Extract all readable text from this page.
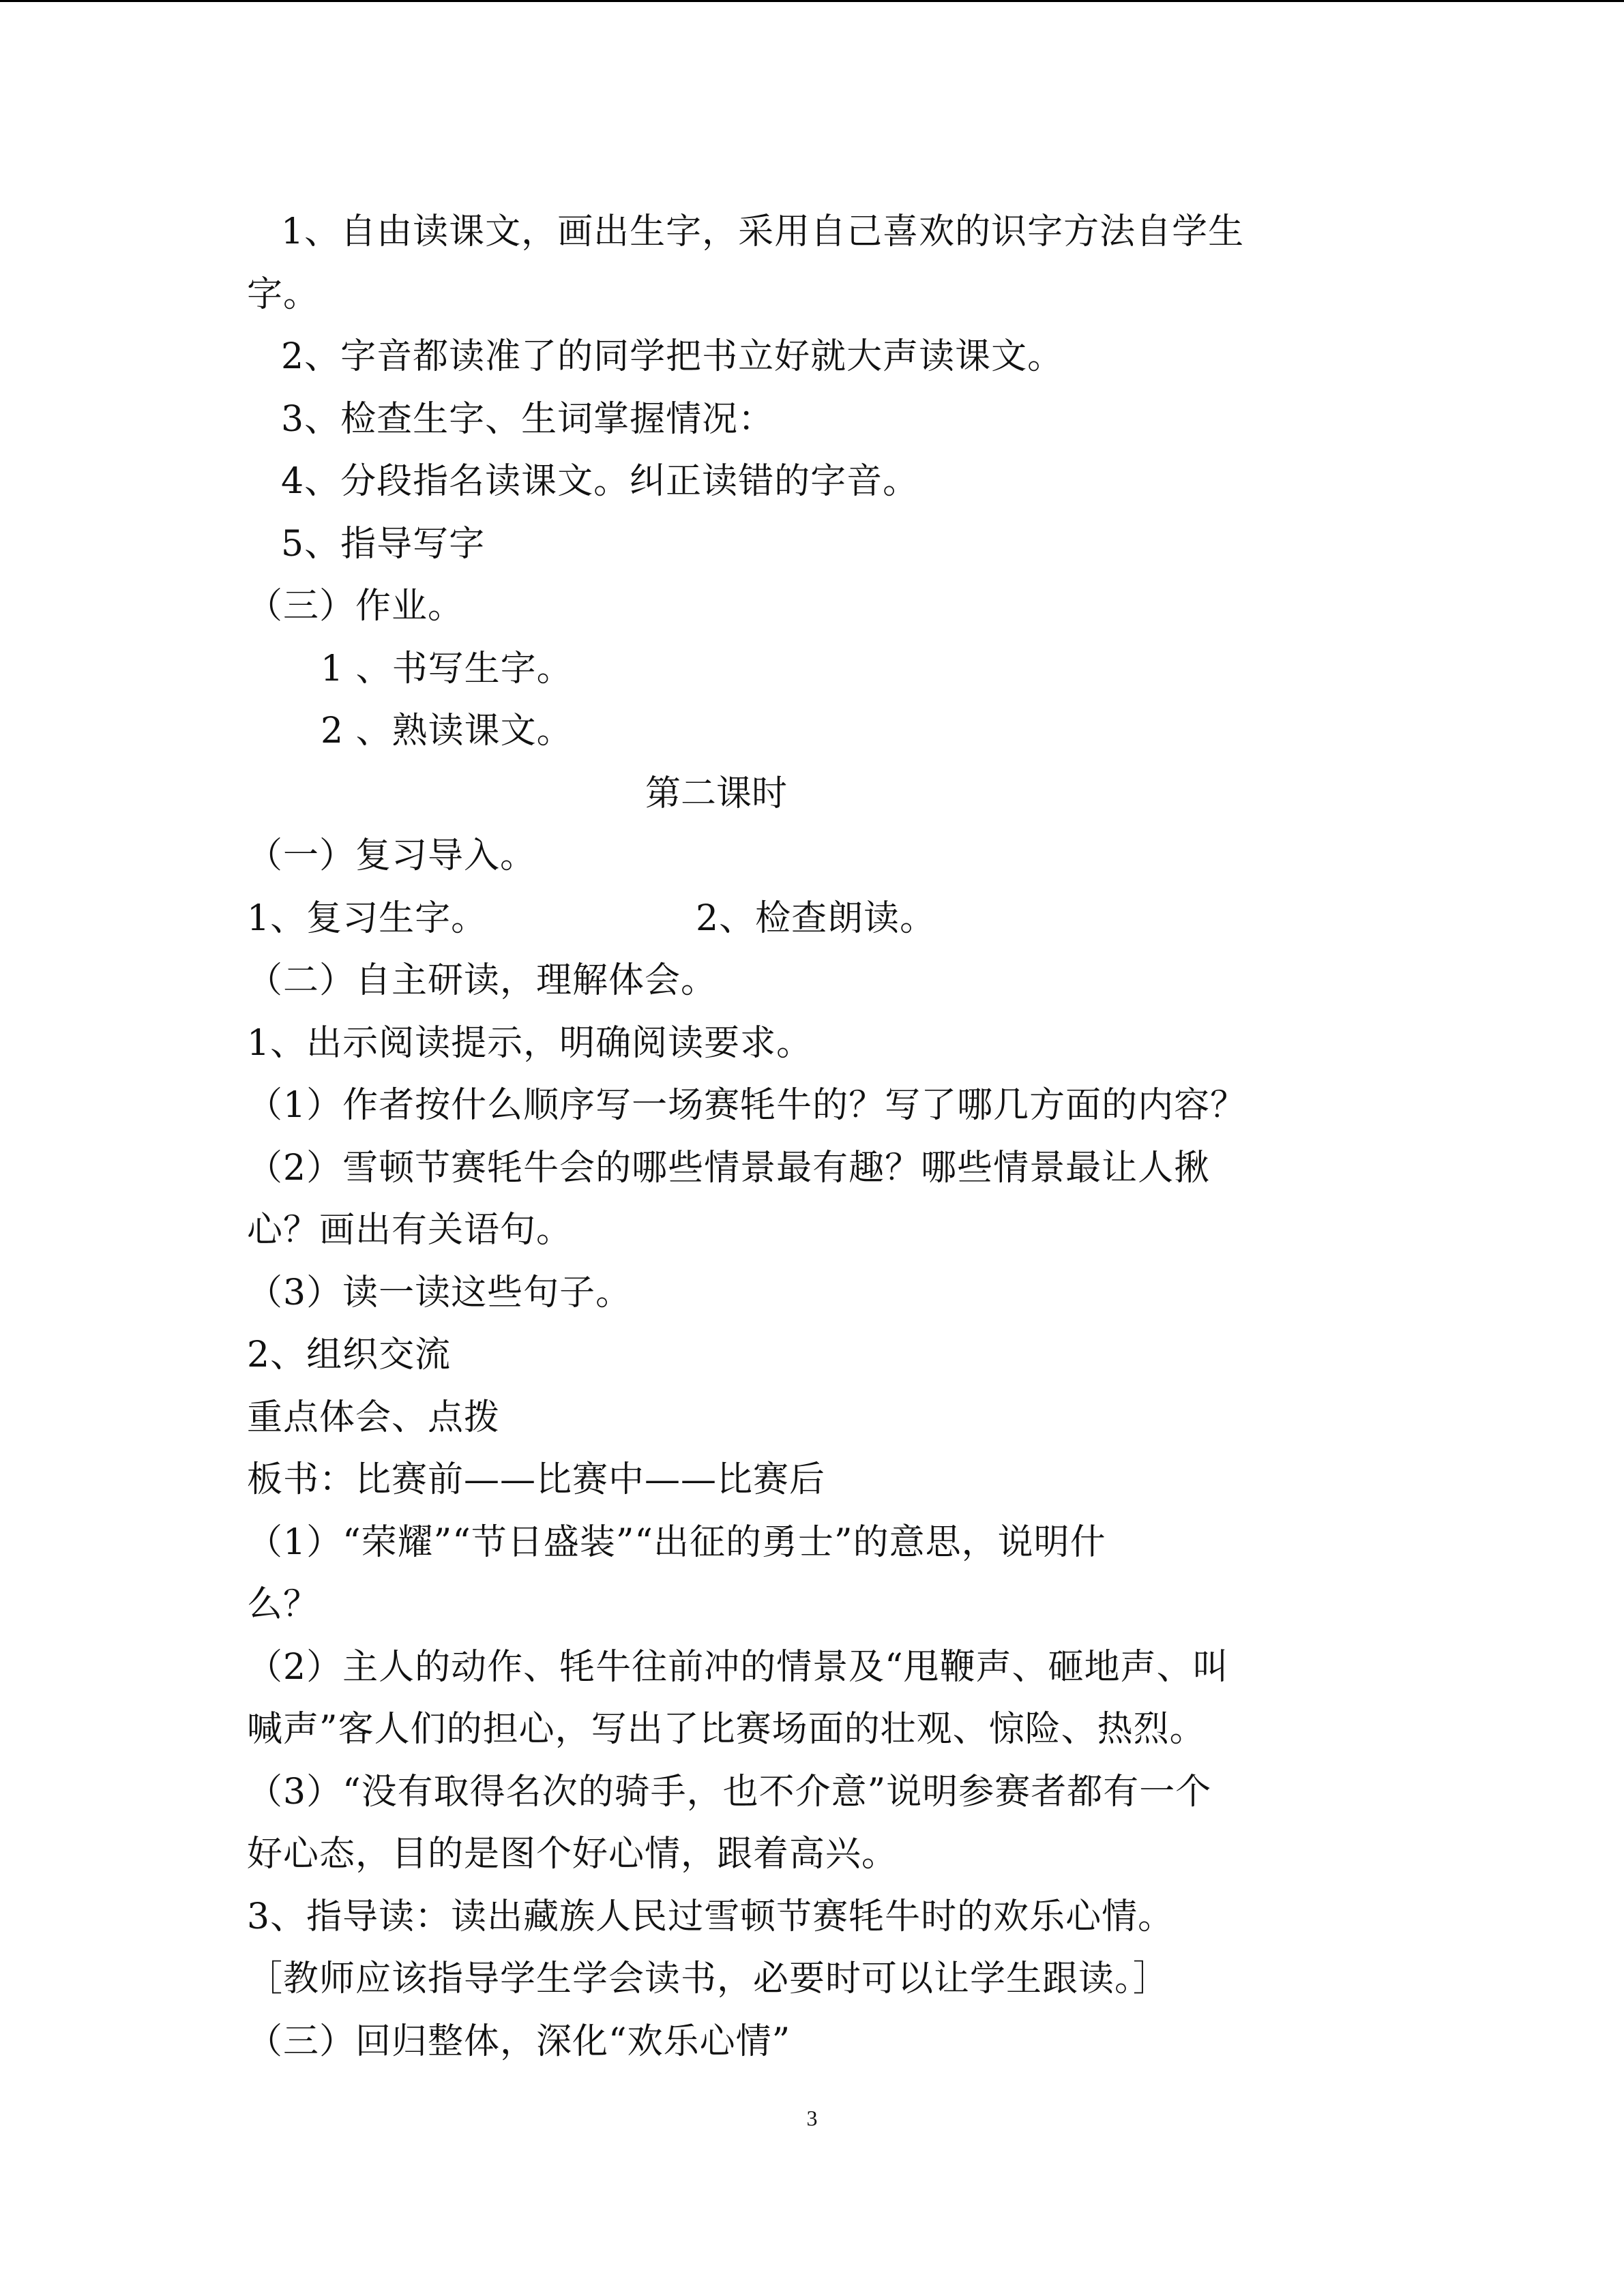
1、自由读课文，画出生字，采用自己喜欢的识字方法自学生
字。
2、字音都读准了的同学把书立好就大声读课文。
3、检查生字、生词掌握情况：
4、分段指名读课文。纠正读错的字音。
5、指导写字
（三）作业。
1 、书写生字。
2 、熟读课文。
第二课时
（一）复习导入。
1、复习生字。	2、检查朗读。
（二）自主研读，理解体会。
1、出示阅读提示，明确阅读要求。
（1）作者按什么顺序写一场赛牦牛的？写了哪几方面的内容？
（2）雪顿节赛牦牛会的哪些情景最有趣？哪些情景最让人揪
心？画出有关语句。
（3）读一读这些句子。
2、组织交流
重点体会、点拨
板书：比赛前——比赛中——比赛后
（1）“荣耀”“节日盛装”“出征的勇士”的意思，说明什
么？
（2）主人的动作、牦牛往前冲的情景及“甩鞭声、砸地声、叫
喊声”客人们的担心，写出了比赛场面的壮观、惊险、热烈。
（3）“没有取得名次的骑手，也不介意”说明参赛者都有一个
好心态，目的是图个好心情，跟着高兴。
3、指导读：读出藏族人民过雪顿节赛牦牛时的欢乐心情。
［教师应该指导学生学会读书，必要时可以让学生跟读。］
（三）回归整体，深化“欢乐心情”
3
